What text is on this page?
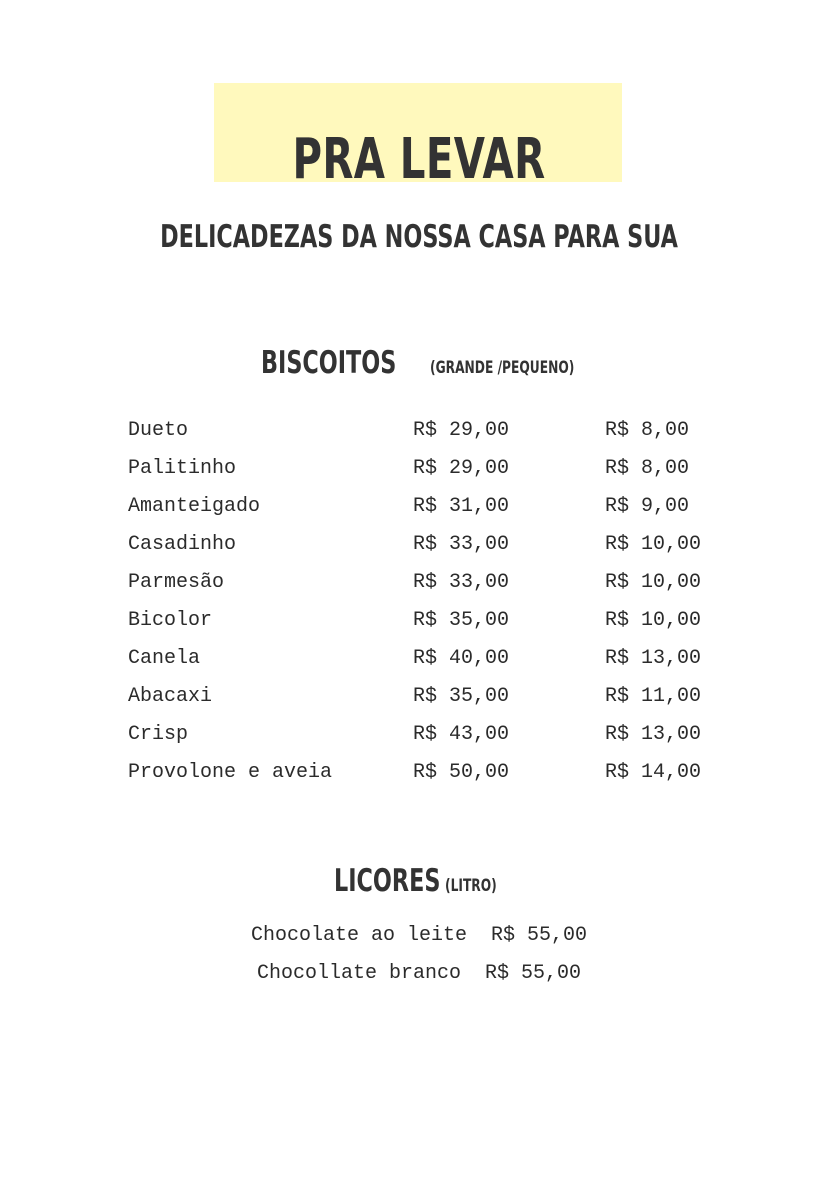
PRA LEVAR
DELICADEZAS DA NOSSA CASA PARA SUA
BISCOITOS	(GRANDE /PEQUENO)
Dueto	R$ 29,00	R$ 8,00
Palitinho	R$ 29,00	R$ 8,00
Amanteigado	R$ 31,00	R$ 9,00
Casadinho	R$ 33,00	R$ 10,00
Parmesão	R$ 33,00	R$ 10,00
Bicolor	R$ 35,00	R$ 10,00
Canela	R$ 40,00	R$ 13,00
Abacaxi	R$ 35,00	R$ 11,00
Crisp	R$ 43,00	R$ 13,00
Provolone e aveia	R$ 50,00	R$ 14,00
LICORES (LITRO)
Chocolate ao leite R$ 55,00
Chocollate branco R$ 55,00
